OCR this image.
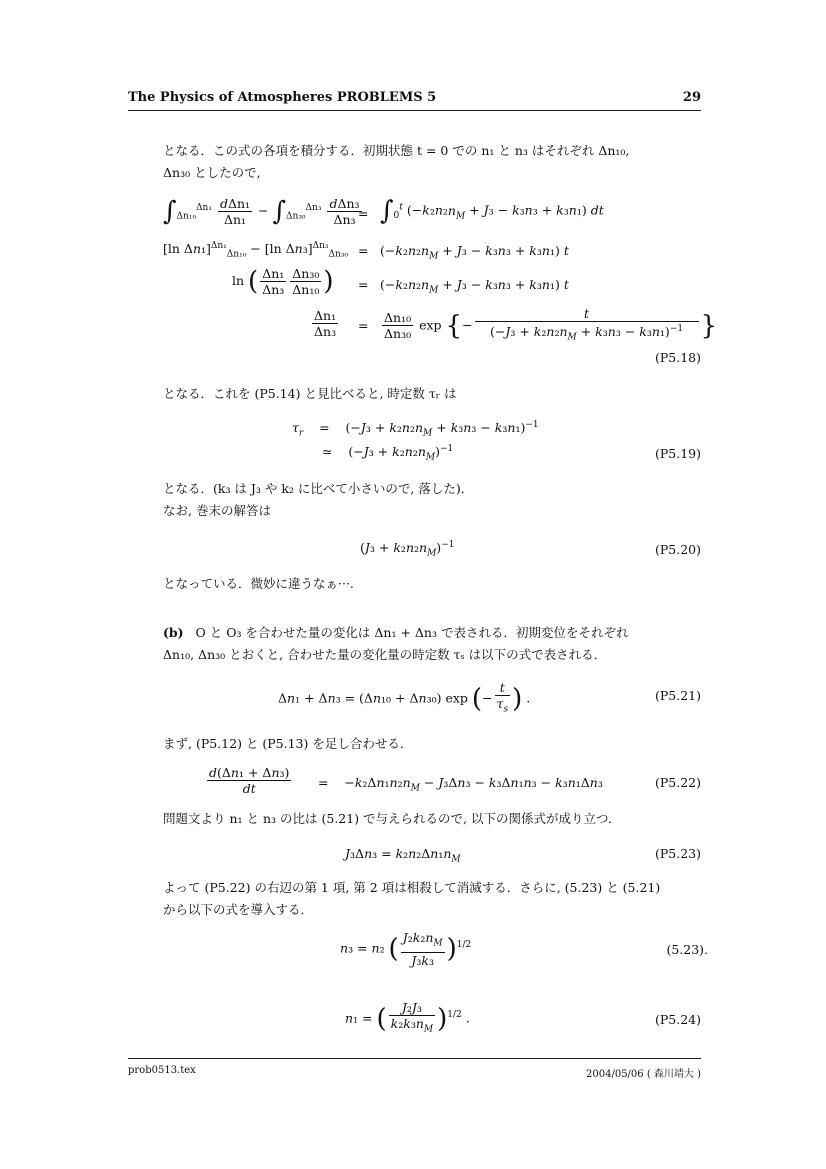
The Physics of Atmospheres PROBLEMS 5	29
となる．この式の各項を積分する．初期状態 t = 0 での n₁ と n₃ はそれぞれ Δn₁₀,
Δn₃₀ としたので,
$\int_{\Delta n_{10}}^{\Delta n_1} \frac{\text{dΔn₁}}{\text{Δn₁}} - \int_{\Delta n_{30}}^{\Delta n_3} \frac{\text{dΔn₃}}{\text{Δn₃}}$
= $\int_0^t$ $(-k_2n_2n_M + J_3 - k_3n_3 + k_3n_1)$ dt
[ln Δn₁]$^{\Delta n_1}_{\Delta n_{10}}$ − [ln $\Delta n_3]^{\Delta n_3}_{\Delta n_{30}} = (-k_2n_2n_M + J_3 - k_3n_3 + k_3n_1)$ t
ln ( $\frac{\text{Δn₁}}{\text{Δn₃}} \frac{\text{Δn₃₀}}{\text{Δn₁₀}}$ ) = $(-k_2n_2n_M + J_3 - k_3n_3 + k_3n_1)$ t
$\frac{\text{Δn₁}}{\text{Δn₃}} = \frac{\text{Δn₁₀}}{\text{Δn₃₀}}$ exp {− $\frac{t}{(-J_3 + k_2n_2n_M + k_3n_3 - k_3n_1)^{-1}}$ }
(P5.18)
となる．これを (P5.14) と見比べると, 時定数 τᵣ は
$\tau_r$    =    $(-J_3 + k_2n_2n_M + k_3n_3 - k_3n_1)^{-1}$
≃    $(-J_3 + k_2n_2n_M)^{-1}$	(P5.19)
となる．(k₃ は J₃ や k₂ に比べて小さいので, 落した)．
なお, 巻末の解答は
$(J_3 + k_2n_2n_M)^{-1}$	(P5.20)
となっている．微妙に違うなぁ···.
(b) O と O₃ を合わせた量の変化は Δn₁ + Δn₃ で表される．初期変位をそれぞれ
Δn₁₀, Δn₃₀ とおくと, 合わせた量の変化量の時定数 τₛ は以下の式で表される．
Δn₁ + Δn₃ = (Δn₁₀ + Δn₃₀) exp (− $\frac{t}{\tau_s}$ ) .	(P5.21)
まず, (P5.12) と (P5.13) を足し合わせる．
$\frac{\text{d(Δn₁ + Δn₃)}}{dt}$ =    $-k_2\Delta n_1n_2n_M - J_3\Delta n_3 - k_3\Delta n_1n_3 - k_3n_1\Delta n_3$	(P5.22)
問題文より n₁ と n₃ の比は (5.21) で与えられるので, 以下の関係式が成り立つ．
$J_3\Delta n_3 = k_2n_2\Delta n_1n_M$	(P5.23)
よって (P5.22) の右辺の第 1 項, 第 2 項は相殺して消滅する．さらに, (5.23) と (5.21)
から以下の式を導入する．
n₃ = n₂ ( $\frac{J_2k_2n_M}{\text{J₃k₃}} )^{1/2}$	(5.23).
n₁ = ( $\frac{\text{J₂J₃}}{k_2k_3n_M} )^{1/2}$ .	(P5.24)
prob0513.tex	2004/05/06 ( 森川靖大 )
